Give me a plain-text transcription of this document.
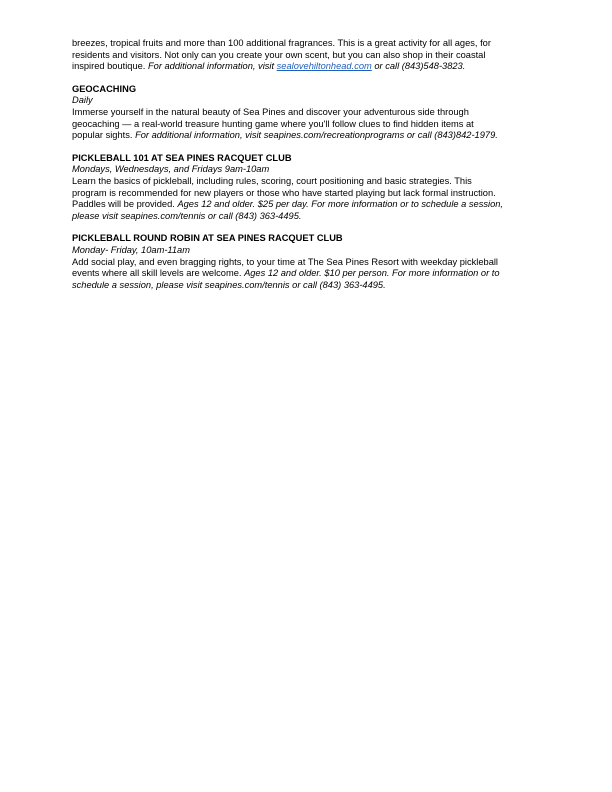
breezes, tropical fruits and more than 100 additional fragrances. This is a great activity for all ages, for

residents and visitors. Not only can you create your own scent, but you can also shop in their coastal

inspired boutique. For additional information, visit sealovehiltonhead.com or call (843)548-3823.

GEOCACHING

Daily

Immerse yourself in the natural beauty of Sea Pines and discover your adventurous side through

geocaching — a real-world treasure hunting game where you'll follow clues to find hidden items at

popular sights. For additional information, visit seapines.com/recreationprograms or call (843)842-1979.

PICKLEBALL 101 AT SEA PINES RACQUET CLUB

Mondays, Wednesdays, and Fridays 9am-10am

Learn the basics of pickleball, including rules, scoring, court positioning and basic strategies. This

program is recommended for new players or those who have started playing but lack formal instruction.

Paddles will be provided. Ages 12 and older. $25 per day. For more information or to schedule a session,

please visit seapines.com/tennis or call (843) 363-4495.

PICKLEBALL ROUND ROBIN AT SEA PINES RACQUET CLUB

Monday- Friday, 10am-11am

Add social play, and even bragging rights, to your time at The Sea Pines Resort with weekday pickleball

events where all skill levels are welcome. Ages 12 and older. $10 per person. For more information or to

schedule a session, please visit seapines.com/tennis or call (843) 363-4495.
